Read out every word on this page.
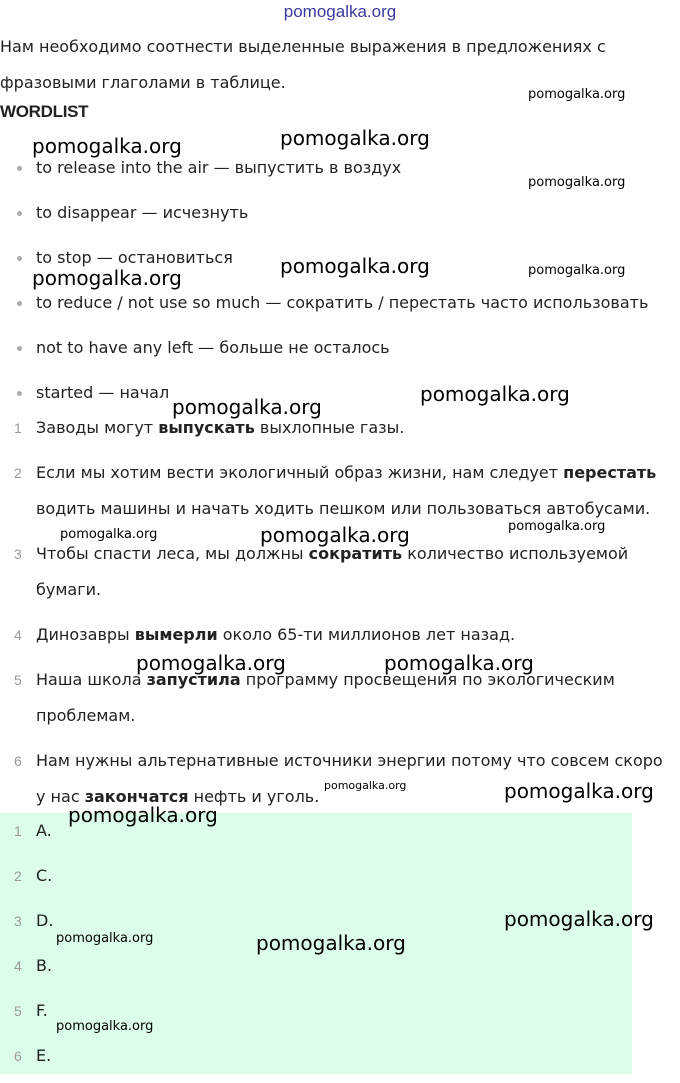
pomogalka.org
Нам необходимо соотнести выделенные выражения в предложениях с фразовыми глаголами в таблице.
WORDLIST
to release into the air — выпустить в воздух
to disappear — исчезнуть
to stop — остановиться
to reduce / not use so much — сократить / перестать часто использовать
not to have any left — больше не осталось
started — начал
1 Заводы могут выпускать выхлопные газы.
2 Если мы хотим вести экологичный образ жизни, нам следует перестать водить машины и начать ходить пешком или пользоваться автобусами.
3 Чтобы спасти леса, мы должны сократить количество используемой бумаги.
4 Динозавры вымерли около 65-ти миллионов лет назад.
5 Наша школа запустила программу просвещения по экологическим проблемам.
6 Нам нужны альтернативные источники энергии потому что совсем скоро у нас закончатся нефть и уголь.
1 A.
2 C.
3 D.
4 B.
5 F.
6 E.
pomogalka.org
pomogalka.org	pomogalka.org
pomogalka.org
pomogalka.org	pomogalka.org	pomogalka.org
pomogalka.org
pomogalka.org
pomogalka.org	pomogalka.org	pomogalka.org
pomogalka.org	pomogalka.org
pomogalka.org	pomogalka.org
pomogalka.org
pomogalka.org
pomogalka.org	pomogalka.org
pomogalka.org
